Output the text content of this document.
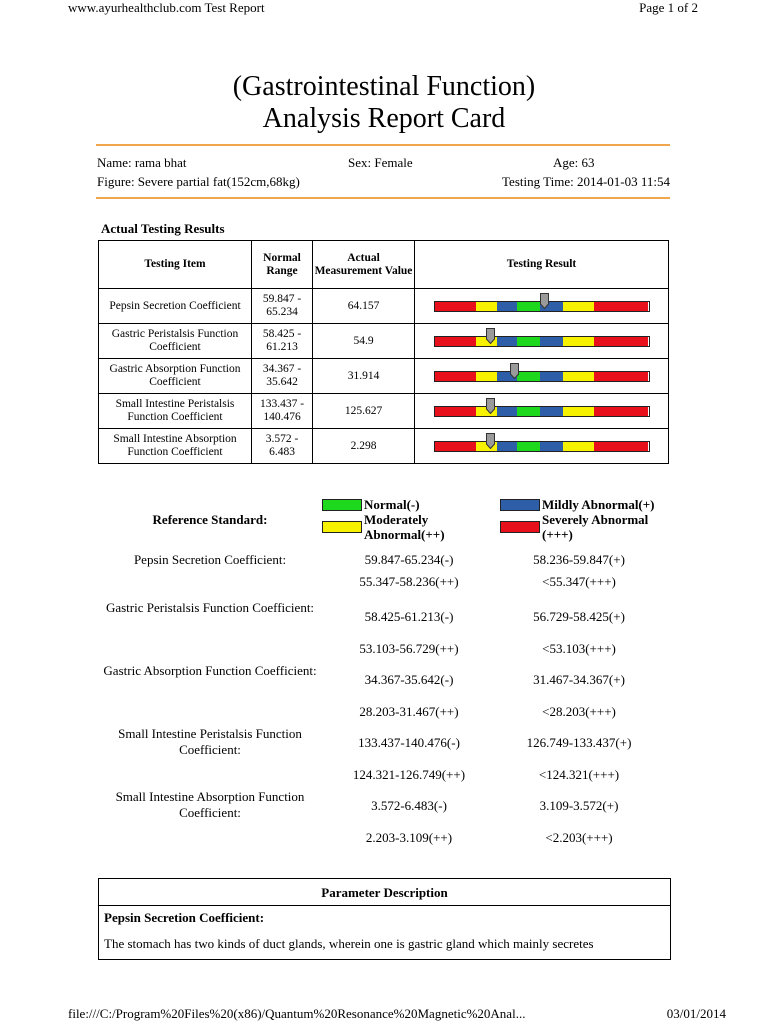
www.ayurhealthclub.com Test Report	Page 1 of 2
(Gastrointestinal Function)
Analysis Report Card
Name: rama bhat	Sex: Female	Age: 63
Figure: Severe partial fat(152cm,68kg)	Testing Time: 2014-01-03 11:54
Actual Testing Results
Testing Item	Normal Range	Actual Measurement Value	Testing Result
Pepsin Secretion Coefficient	59.847 - 65.234	64.157	

Gastric Peristalsis Function Coefficient	58.425 - 61.213	54.9	

Gastric Absorption Function Coefficient	34.367 - 35.642	31.914	

Small Intestine Peristalsis Function Coefficient	133.437 - 140.476	125.627	

Small Intestine Absorption Function Coefficient	3.572 - 6.483	2.298	
Reference Standard:
Normal(-)
Moderately Abnormal(++)
Mildly Abnormal(+)
Severely Abnormal (+++)
Pepsin Secretion Coefficient:	59.847-65.234(-)	58.236-59.847(+)
55.347-58.236(++)	<55.347(+++)
Gastric Peristalsis Function Coefficient:
58.425-61.213(-)	56.729-58.425(+)
53.103-56.729(++)	<53.103(+++)
Gastric Absorption Function Coefficient:
34.367-35.642(-)	31.467-34.367(+)
28.203-31.467(++)	<28.203(+++)
Small Intestine Peristalsis Function Coefficient:	133.437-140.476(-)	126.749-133.437(+)
124.321-126.749(++)	<124.321(+++)
Small Intestine Absorption Function Coefficient:	3.572-6.483(-)	3.109-3.572(+)
2.203-3.109(++)	<2.203(+++)
Parameter Description
Pepsin Secretion Coefficient:
The stomach has two kinds of duct glands, wherein one is gastric gland which mainly secretes
file:///C:/Program%20Files%20(x86)/Quantum%20Resonance%20Magnetic%20Anal...	03/01/2014
